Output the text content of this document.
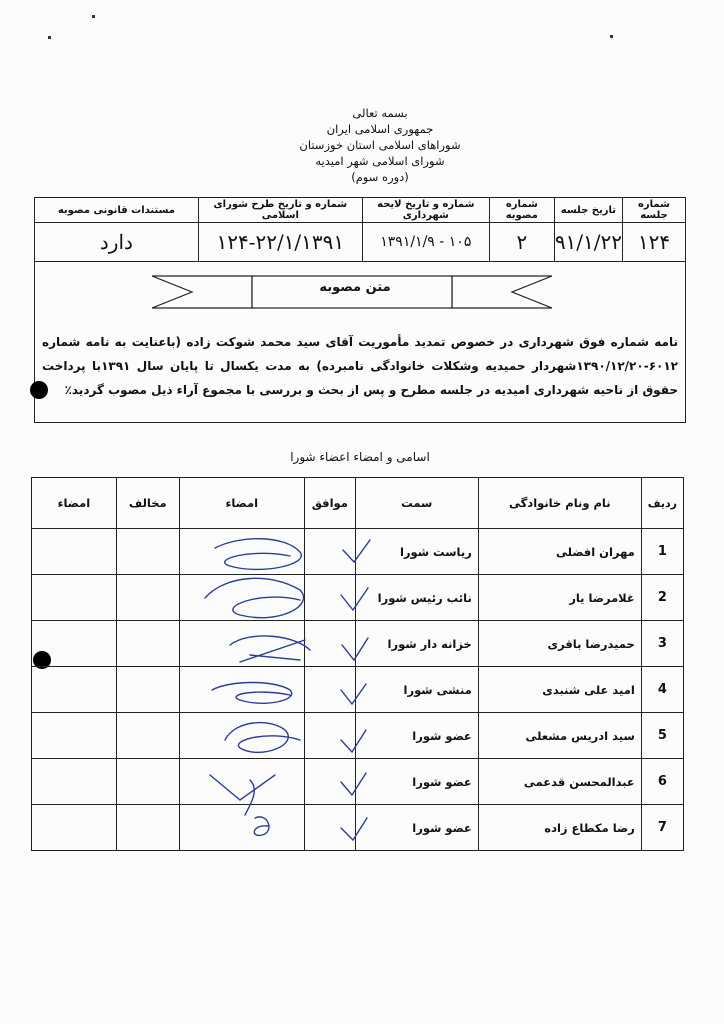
بسمه تعالی
جمهوری اسلامی ایران
شوراهای اسلامی استان خوزستان
شورای اسلامی شهر امیدیه
(دوره سوم)
شماره جلسه	تاریخ جلسه	شماره مصوبه	شماره و تاریخ لایحه شهرداری	شماره و تاریخ طرح شورای اسلامی	مستندات قانونی مصوبه
۱۲۴	۹۱/۱/۲۲	۲	۱۰۵ - ۱۳۹۱/۱/۹	۱۲۴-۲۲/۱/۱۳۹۱	دارد
متن مصوبه
نامه شماره فوق شهرداری در خصوص تمدید مأموریت آقای سید محمد شوکت زاده (باعنایت به نامه شماره ۶۰۱۲-۱۳۹۰/۱۲/۲۰شهردار حمیدیه وشکلات خانوادگی نامبرده) به مدت یکسال تا پایان سال ۱۳۹۱با پرداخت حقوق از ناحیه شهرداری امیدیه در جلسه مطرح و پس از بحث و بررسی با مجموع آراء ذیل مصوب گردید٪
اسامی و امضاء اعضاء شورا
ردیف	نام ونام خانوادگی	سمت	موافق	امضاء	مخالف	امضاء
1	مهران افضلی	ریاست شورا				
2	غلامرضا یار	نائب رئیس شورا				
3	حمیدرضا باقری	خزانه دار شورا				
4	امید علی شنبدی	منشی شورا				
5	سید ادریس مشعلی	عضو شورا				
6	عبدالمحسن قدعمی	عضو شورا				
7	رضا مکطاع زاده	عضو شورا				
